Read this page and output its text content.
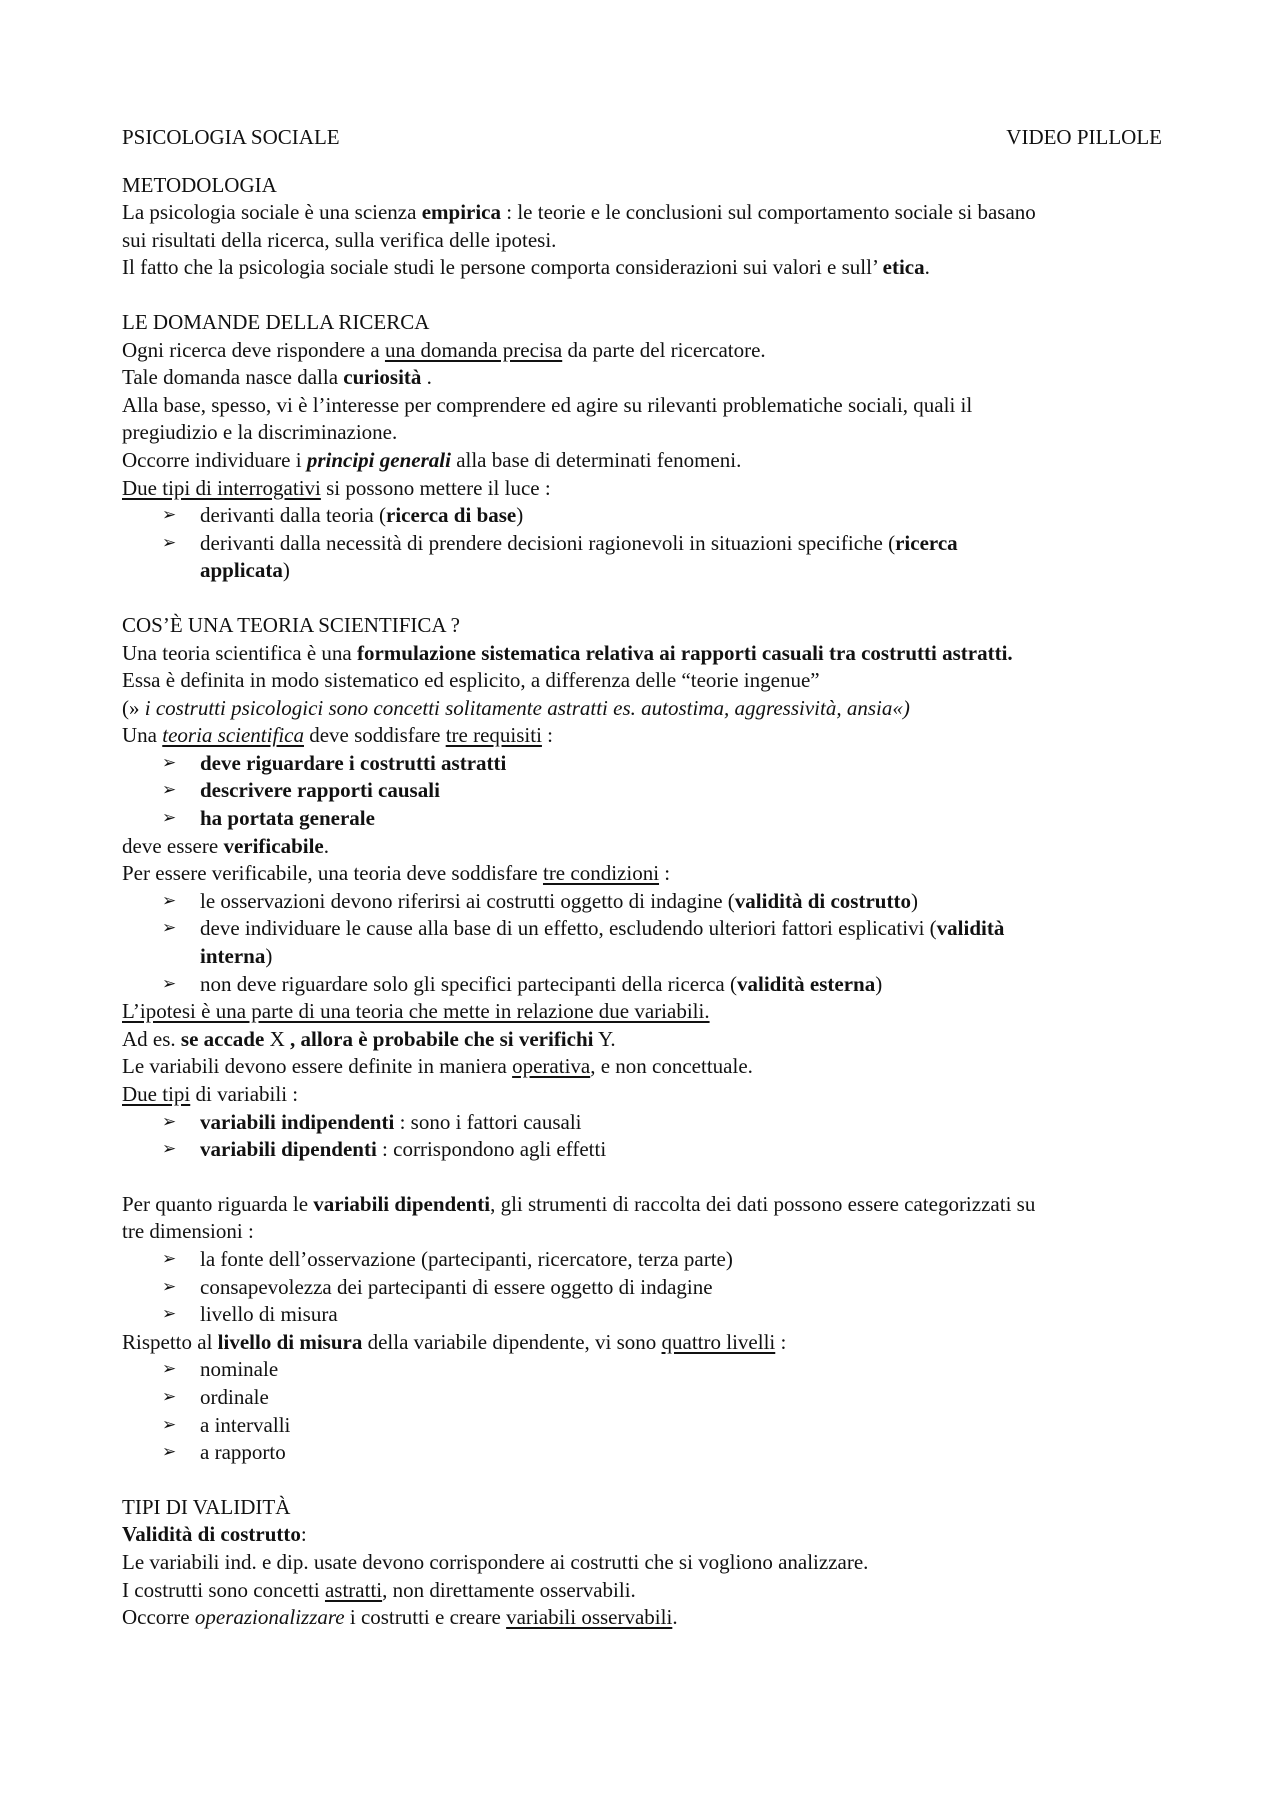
PSICOLOGIA SOCIALE	VIDEO PILLOLE
METODOLOGIA
La psicologia sociale è una scienza empirica : le teorie e le conclusioni sul comportamento sociale si basano
sui risultati della ricerca, sulla verifica delle ipotesi.
Il fatto che la psicologia sociale studi le persone comporta considerazioni sui valori e sull’ etica.
LE DOMANDE DELLA RICERCA
Ogni ricerca deve rispondere a una domanda precisa da parte del ricercatore.
Tale domanda nasce dalla curiosità .
Alla base, spesso, vi è l’interesse per comprendere ed agire su rilevanti problematiche sociali, quali il
pregiudizio e la discriminazione.
Occorre individuare i principi generali alla base di determinati fenomeni.
Due tipi di interrogativi si possono mettere il luce :
➢ derivanti dalla teoria (ricerca di base)
➢ derivanti dalla necessità di prendere decisioni ragionevoli in situazioni specifiche (ricerca
applicata)
COS’È UNA TEORIA SCIENTIFICA ?
Una teoria scientifica è una formulazione sistematica relativa ai rapporti casuali tra costrutti astratti.
Essa è definita in modo sistematico ed esplicito, a differenza delle “teorie ingenue”
(» i costrutti psicologici sono concetti solitamente astratti es. autostima, aggressività, ansia«)
Una teoria scientifica deve soddisfare tre requisiti :
➢ deve riguardare i costrutti astratti
➢ descrivere rapporti causali
➢ ha portata generale
deve essere verificabile.
Per essere verificabile, una teoria deve soddisfare tre condizioni :
➢ le osservazioni devono riferirsi ai costrutti oggetto di indagine (validità di costrutto)
➢ deve individuare le cause alla base di un effetto, escludendo ulteriori fattori esplicativi (validità
interna)
➢ non deve riguardare solo gli specifici partecipanti della ricerca (validità esterna)
L’ipotesi è una parte di una teoria che mette in relazione due variabili.
Ad es. se accade X , allora è probabile che si verifichi Y.
Le variabili devono essere definite in maniera operativa, e non concettuale.
Due tipi di variabili :
➢ variabili indipendenti : sono i fattori causali
➢ variabili dipendenti : corrispondono agli effetti
Per quanto riguarda le variabili dipendenti, gli strumenti di raccolta dei dati possono essere categorizzati su
tre dimensioni :
➢ la fonte dell’osservazione (partecipanti, ricercatore, terza parte)
➢ consapevolezza dei partecipanti di essere oggetto di indagine
➢ livello di misura
Rispetto al livello di misura della variabile dipendente, vi sono quattro livelli :
➢ nominale
➢ ordinale
➢ a intervalli
➢ a rapporto
TIPI DI VALIDITÀ
Validità di costrutto:
Le variabili ind. e dip. usate devono corrispondere ai costrutti che si vogliono analizzare.
I costrutti sono concetti astratti, non direttamente osservabili.
Occorre operazionalizzare i costrutti e creare variabili osservabili.
